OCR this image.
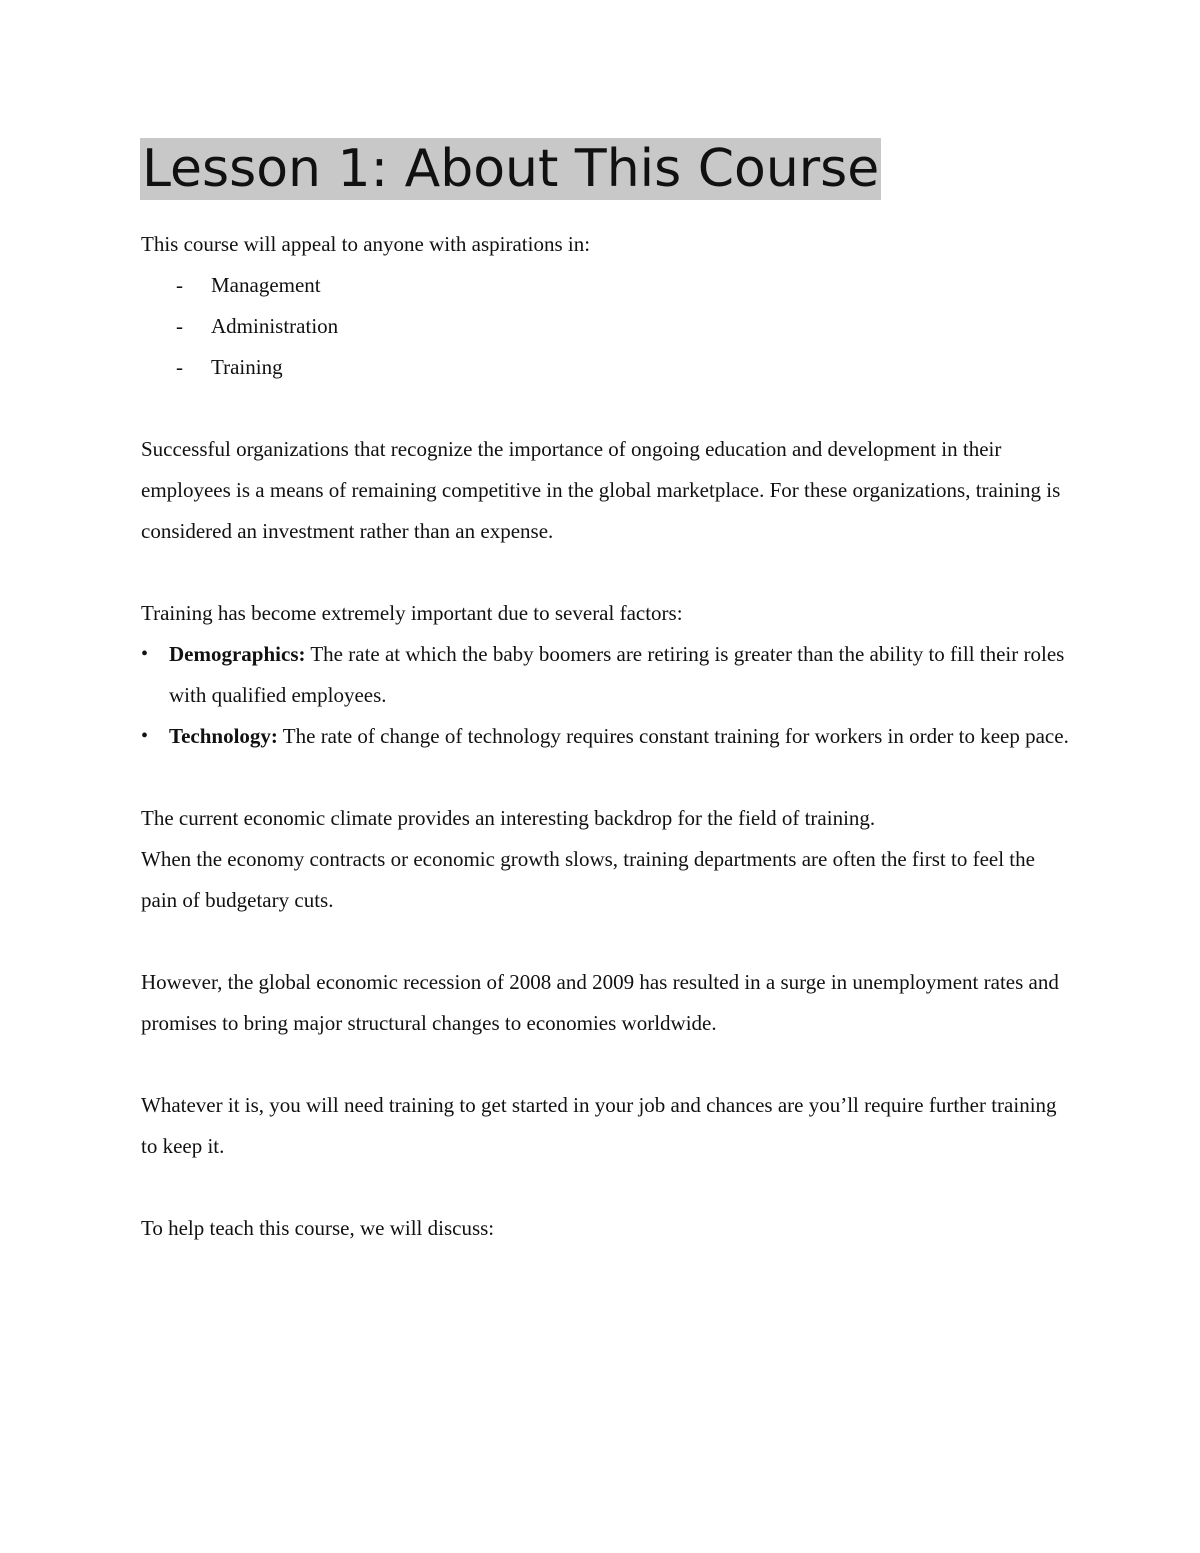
Lesson 1: About This Course

This course will appeal to anyone with aspirations in:

- Management
- Administration
- Training

Successful organizations that recognize the importance of ongoing education and development in their employees is a means of remaining competitive in the global marketplace. For these organizations, training is considered an investment rather than an expense.

Training has become extremely important due to several factors:

• Demographics: The rate at which the baby boomers are retiring is greater than the ability to fill their roles with qualified employees.
• Technology: The rate of change of technology requires constant training for workers in order to keep pace.

The current economic climate provides an interesting backdrop for the field of training.

When the economy contracts or economic growth slows, training departments are often the first to feel the pain of budgetary cuts.

However, the global economic recession of 2008 and 2009 has resulted in a surge in unemployment rates and promises to bring major structural changes to economies worldwide.

Whatever it is, you will need training to get started in your job and chances are you’ll require further training to keep it.

To help teach this course, we will discuss:
